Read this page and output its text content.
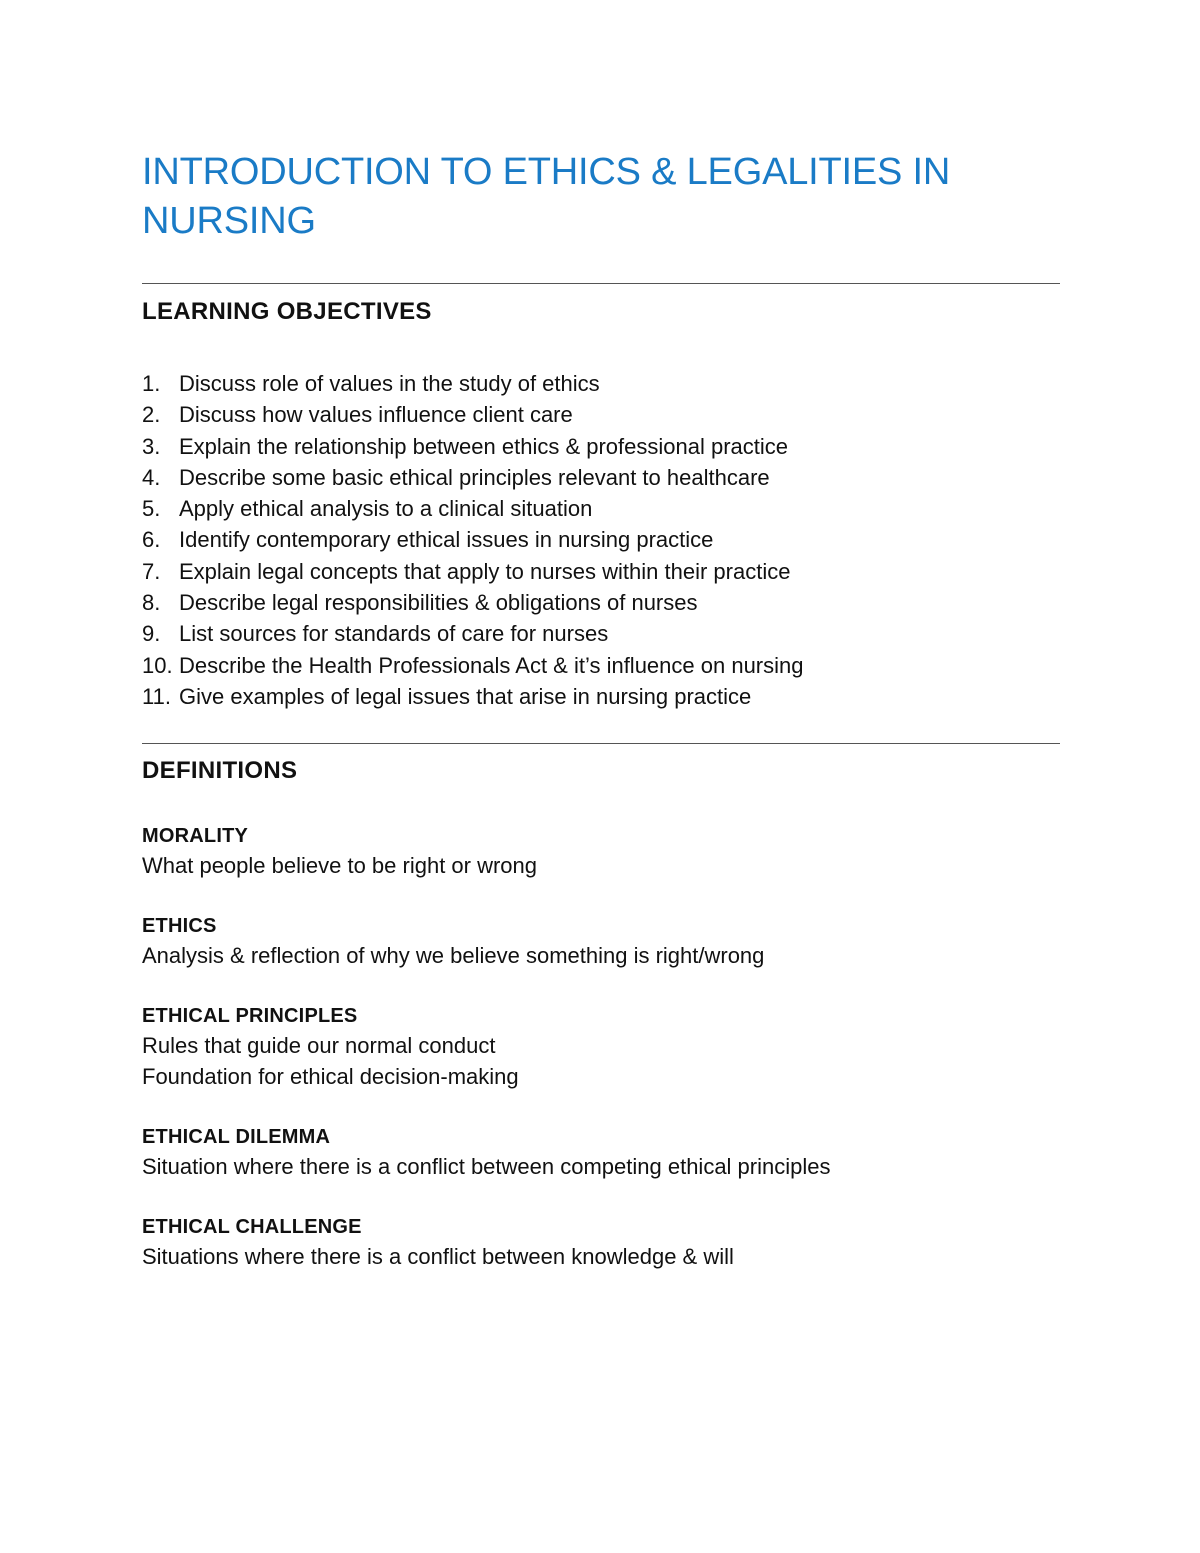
INTRODUCTION TO ETHICS & LEGALITIES IN NURSING
LEARNING OBJECTIVES
1. Discuss role of values in the study of ethics
2. Discuss how values influence client care
3. Explain the relationship between ethics & professional practice
4. Describe some basic ethical principles relevant to healthcare
5. Apply ethical analysis to a clinical situation
6. Identify contemporary ethical issues in nursing practice
7. Explain legal concepts that apply to nurses within their practice
8. Describe legal responsibilities & obligations of nurses
9. List sources for standards of care for nurses
10. Describe the Health Professionals Act & it’s influence on nursing
11. Give examples of legal issues that arise in nursing practice
DEFINITIONS
MORALITY
What people believe to be right or wrong
ETHICS
Analysis & reflection of why we believe something is right/wrong
ETHICAL PRINCIPLES
Rules that guide our normal conduct
Foundation for ethical decision-making
ETHICAL DILEMMA
Situation where there is a conflict between competing ethical principles
ETHICAL CHALLENGE
Situations where there is a conflict between knowledge & will
